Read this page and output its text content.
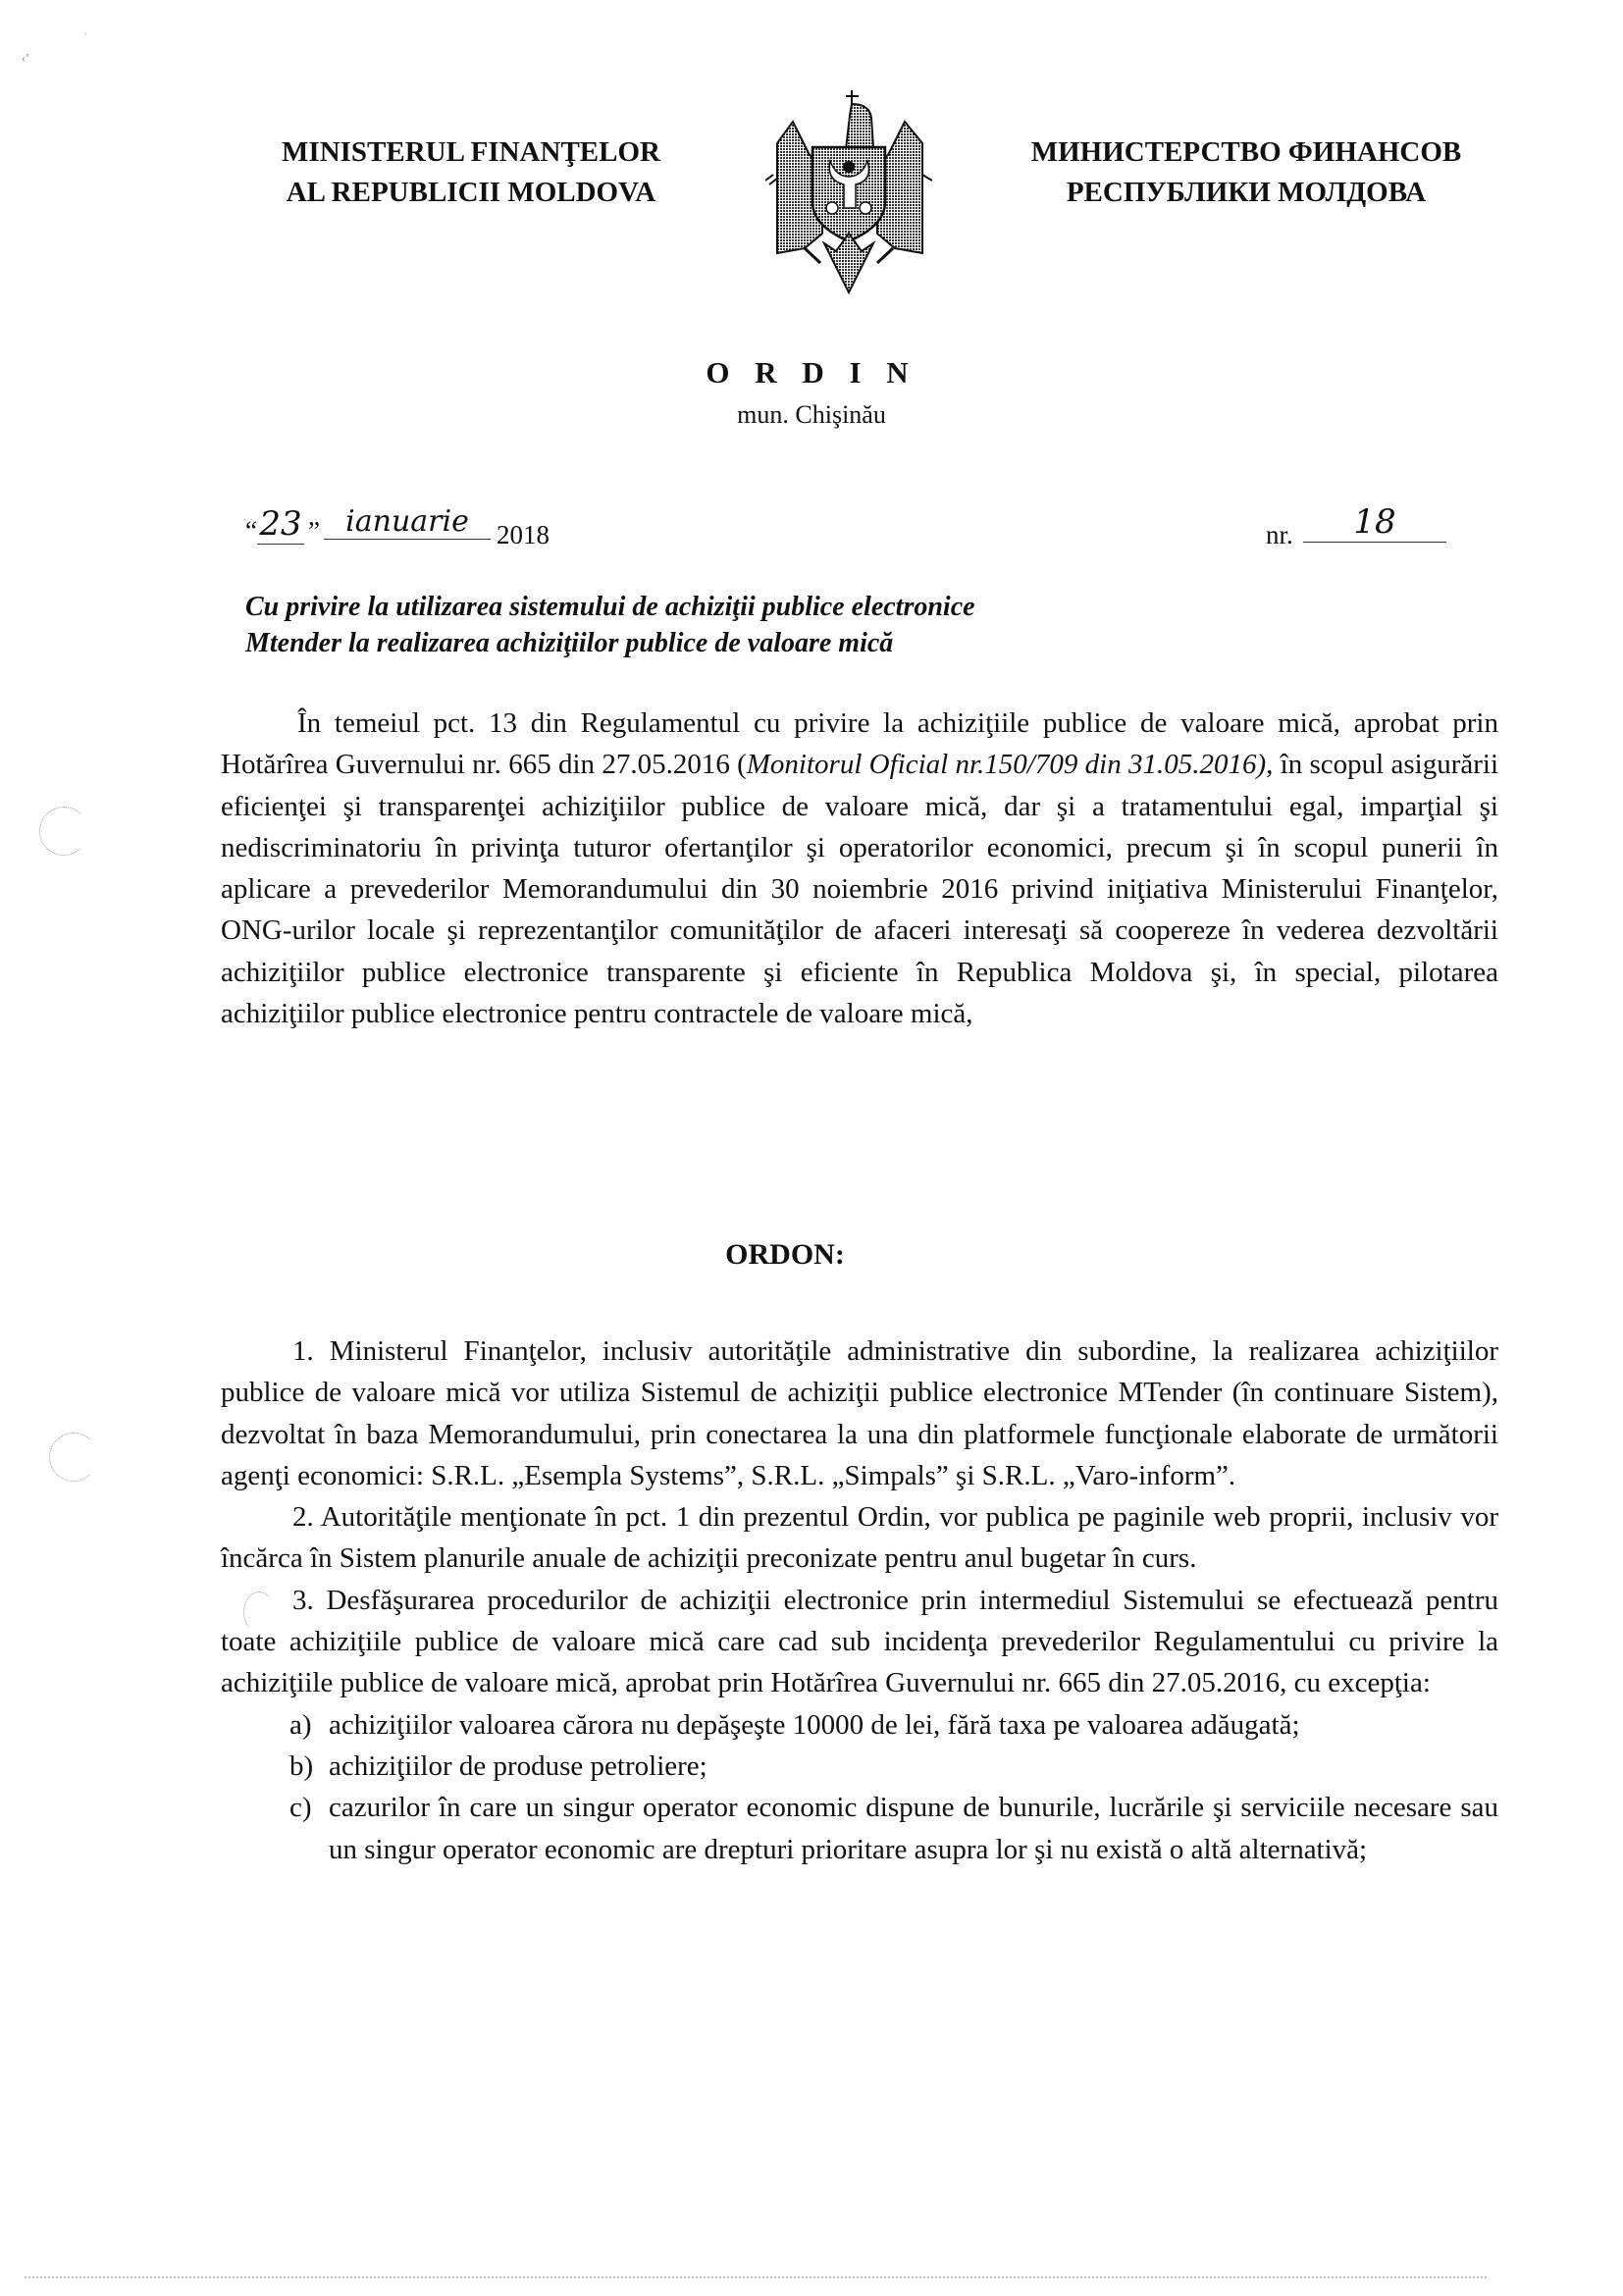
ˌ
‹ʼ
MINISTERUL FINANŢELOR
AL REPUBLICII MOLDOVA
МИНИСТЕРСТВО ФИНАНСОВ
РЕСПУБЛИКИ МОЛДОВА
O R D I N
mun. Chişinău
“ 23 ” ianuarie	2018	nr.	18
Cu privire la utilizarea sistemului de achiziţii publice electronice
Mtender la realizarea achiziţiilor publice de valoare mică

În temeiul pct. 13 din Regulamentul cu privire la achiziţiile publice de valoare mică, aprobat prin Hotărîrea Guvernului nr. 665 din 27.05.2016 (Monitorul Oficial nr.150/709 din 31.05.2016), în scopul asigurării eficienţei şi transparenţei achiziţiilor publice de valoare mică, dar şi a tratamentului egal, imparţial şi nediscriminatoriu în privinţa tuturor ofertanţilor şi operatorilor economici, precum şi în scopul punerii în aplicare a prevederilor Memorandumului din 30 noiembrie 2016 privind iniţiativa Ministerului Finanţelor, ONG-urilor locale şi reprezentanţilor comunităţilor de afaceri interesaţi să coopereze în vederea dezvoltării achiziţiilor publice electronice transparente şi eficiente în Republica Moldova şi, în special, pilotarea achiziţiilor publice electronice pentru contractele de valoare mică,

ORDON:

1. Ministerul Finanţelor, inclusiv autorităţile administrative din subordine, la realizarea achiziţiilor publice de valoare mică vor utiliza Sistemul de achiziţii publice electronice MTender (în continuare Sistem), dezvoltat în baza Memorandumului, prin conectarea la una din platformele funcţionale elaborate de următorii agenţi economici: S.R.L. „Esempla Systems”, S.R.L. „Simpals” şi S.R.L. „Varo-inform”.

2. Autorităţile menţionate în pct. 1 din prezentul Ordin, vor publica pe paginile web proprii, inclusiv vor încărca în Sistem planurile anuale de achiziţii preconizate pentru anul bugetar în curs.

3. Desfăşurarea procedurilor de achiziţii electronice prin intermediul Sistemului se efectuează pentru toate achiziţiile publice de valoare mică care cad sub incidenţa prevederilor Regulamentului cu privire la achiziţiile publice de valoare mică, aprobat prin Hotărîrea Guvernului nr. 665 din 27.05.2016, cu excepţia:

a) achiziţiilor valoarea cărora nu depăşeşte 10000 de lei, fără taxa pe valoarea adăugată;

b) achiziţiilor de produse petroliere;

c) cazurilor în care un singur operator economic dispune de bunurile, lucrările şi serviciile necesare sau un singur operator economic are drepturi prioritare asupra lor şi nu există o altă alternativă;
